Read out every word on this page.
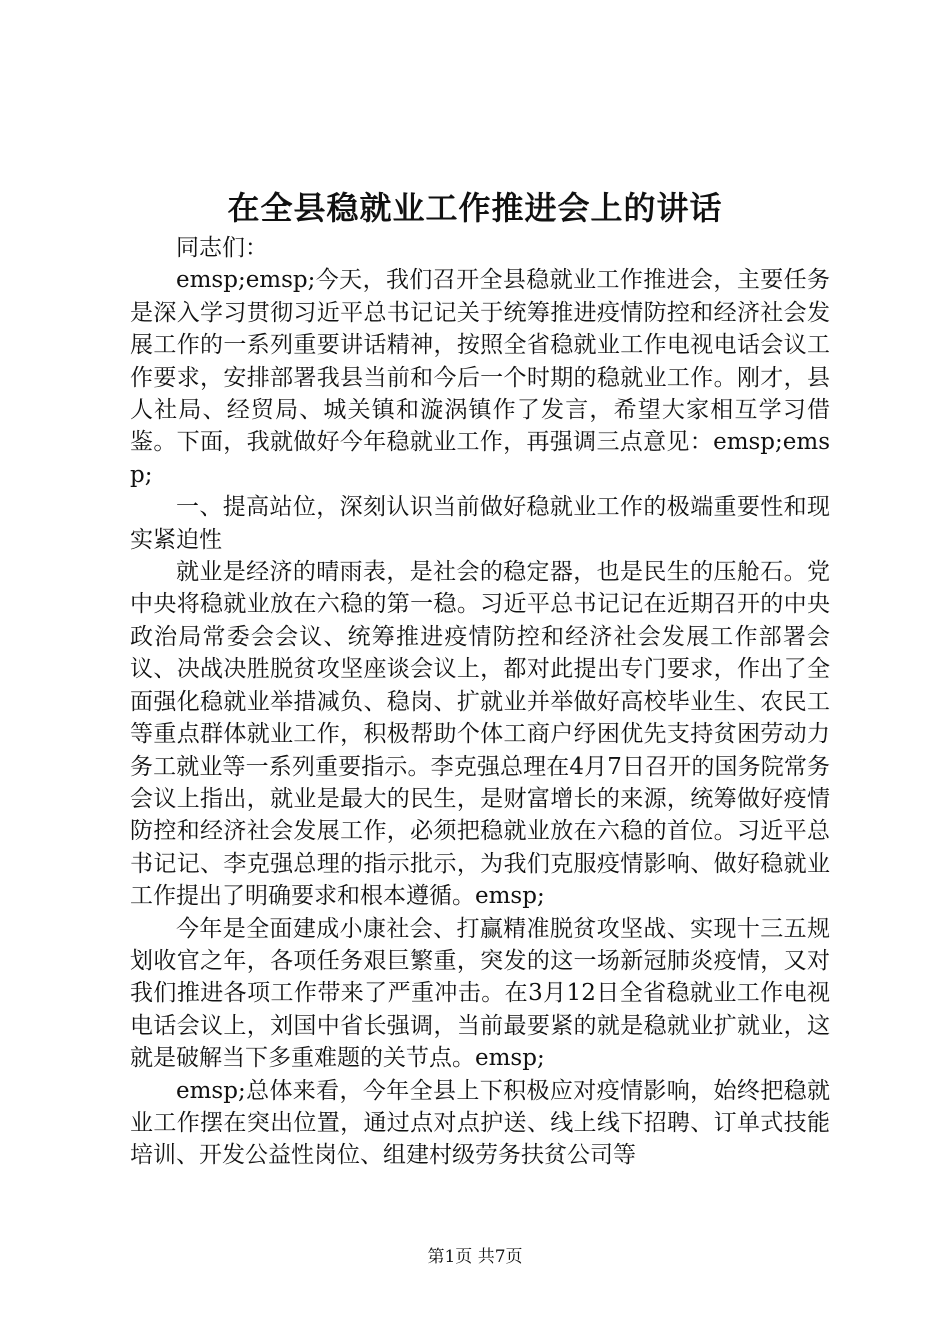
在全县稳就业工作推进会上的讲话

同志们：

emsp;emsp;今天，我们召开全县稳就业工作推进会，主要任务是深入学习贯彻习近平总书记记关于统筹推进疫情防控和经济社会发展工作的一系列重要讲话精神，按照全省稳就业工作电视电话会议工作要求，安排部署我县当前和今后一个时期的稳就业工作。刚才，县人社局、经贸局、城关镇和漩涡镇作了发言，希望大家相互学习借鉴。下面，我就做好今年稳就业工作，再强调三点意见：emsp;emsp;

一、提高站位，深刻认识当前做好稳就业工作的极端重要性和现实紧迫性

就业是经济的晴雨表，是社会的稳定器，也是民生的压舱石。党中央将稳就业放在六稳的第一稳。习近平总书记记在近期召开的中央政治局常委会会议、统筹推进疫情防控和经济社会发展工作部署会议、决战决胜脱贫攻坚座谈会议上，都对此提出专门要求，作出了全面强化稳就业举措减负、稳岗、扩就业并举做好高校毕业生、农民工等重点群体就业工作，积极帮助个体工商户纾困优先支持贫困劳动力务工就业等一系列重要指示。李克强总理在4月7日召开的国务院常务会议上指出，就业是最大的民生，是财富增长的来源，统筹做好疫情防控和经济社会发展工作，必须把稳就业放在六稳的首位。习近平总书记记、李克强总理的指示批示，为我们克服疫情影响、做好稳就业工作提出了明确要求和根本遵循。emsp;

今年是全面建成小康社会、打赢精准脱贫攻坚战、实现十三五规划收官之年，各项任务艰巨繁重，突发的这一场新冠肺炎疫情，又对我们推进各项工作带来了严重冲击。在3月12日全省稳就业工作电视电话会议上，刘国中省长强调，当前最要紧的就是稳就业扩就业，这就是破解当下多重难题的关节点。emsp;

emsp;总体来看，今年全县上下积极应对疫情影响，始终把稳就业工作摆在突出位置，通过点对点护送、线上线下招聘、订单式技能培训、开发公益性岗位、组建村级劳务扶贫公司等

第1页 共7页
